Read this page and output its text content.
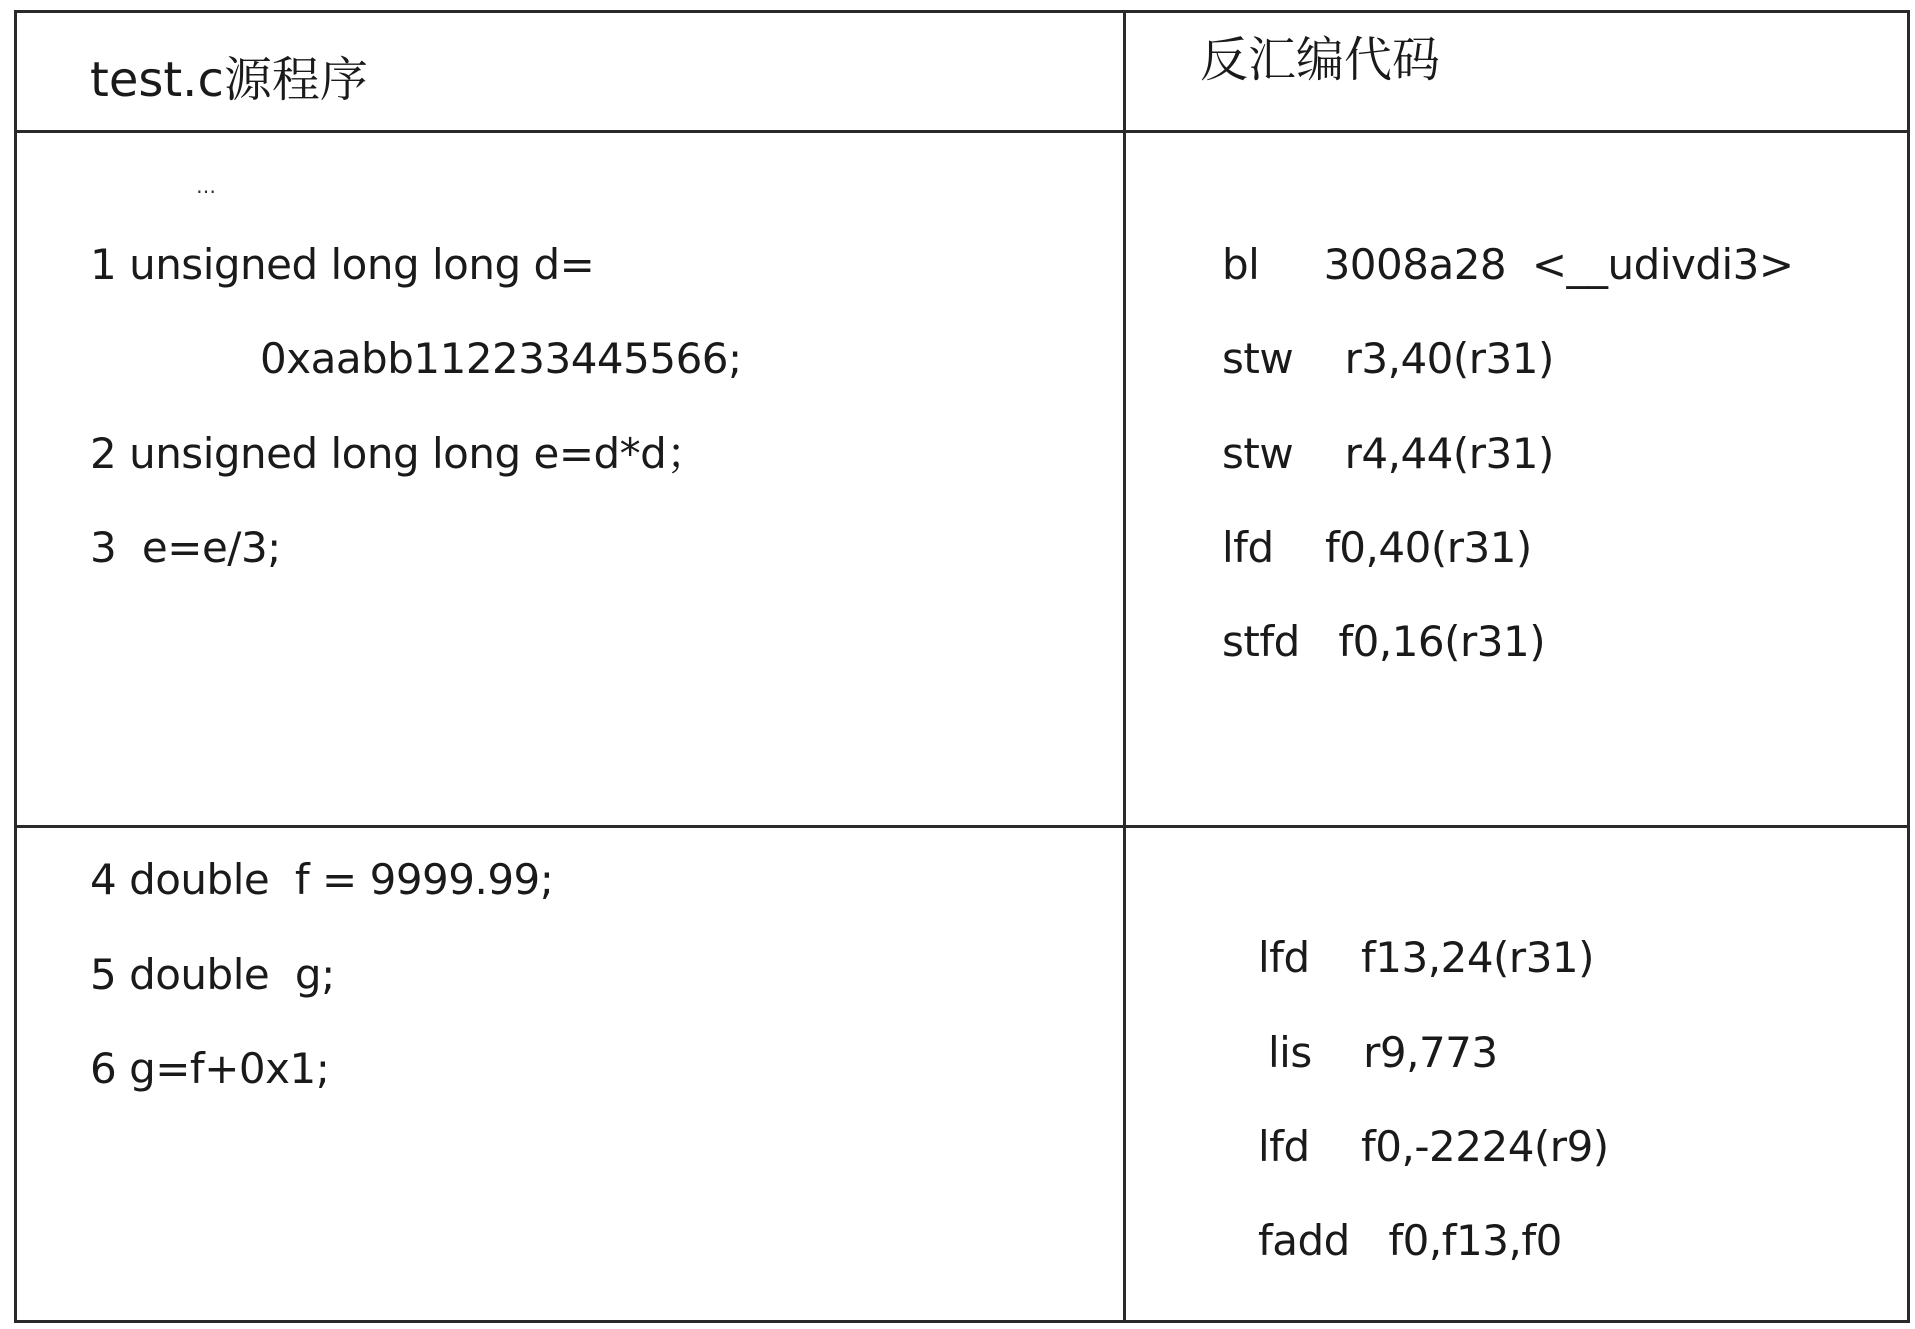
test.c源程序	反汇编代码
…
1 unsigned long long d=
0xaabb112233445566;
2 unsigned long long e=d*d；
3  e=e/3;
bl     3008a28  <__udivdi3>
stw    r3,40(r31)
stw    r4,44(r31)
lfd    f0,40(r31)
stfd   f0,16(r31)
4 double  f = 9999.99;
5 double  g;
6 g=f+0x1;
lfd    f13,24(r31)
lis    r9,773
lfd    f0,-2224(r9)
fadd   f0,f13,f0
